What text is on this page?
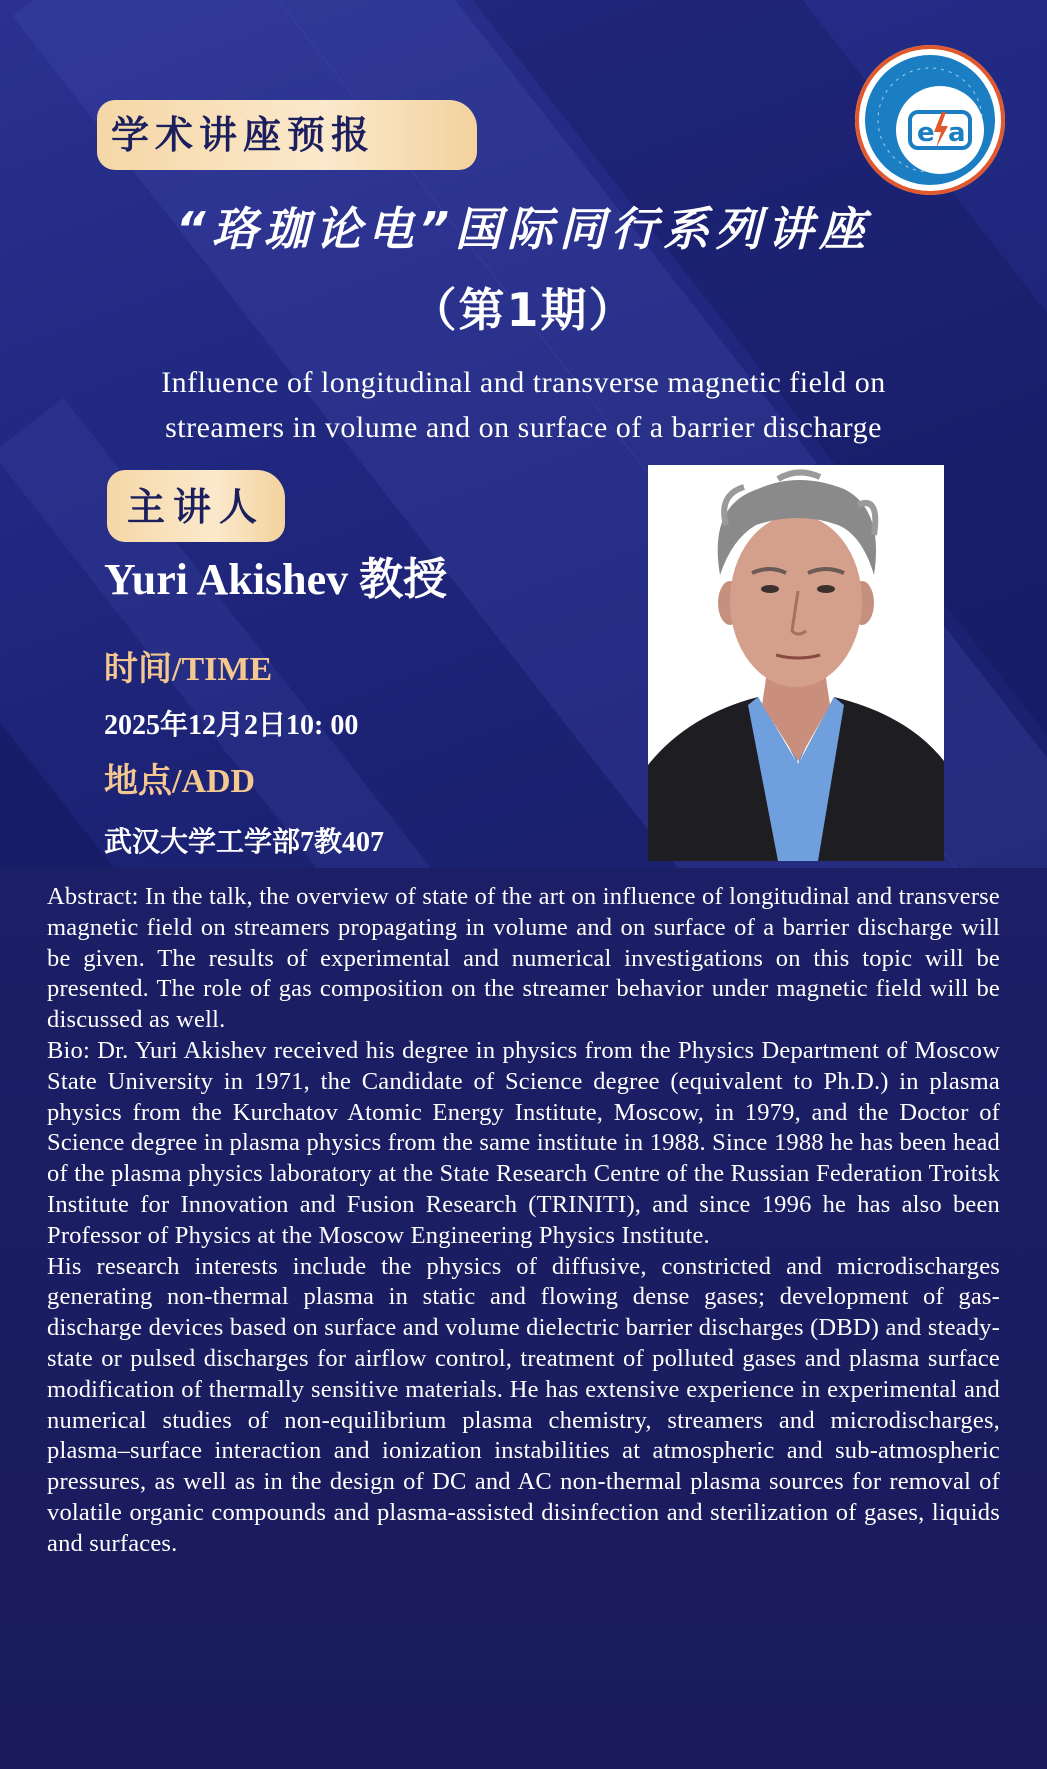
e a
学术讲座预报
“珞珈论电”国际同行系列讲座
（第1期）
Influence of longitudinal and transverse magnetic field on
streamers in volume and on surface of a barrier discharge
主讲人
Yuri Akishev 教授
时间/TIME
2025年12月2日10: 00
地点/ADD
武汉大学工学部7教407

Abstract: In the talk, the overview of state of the art on influence of longitudinal and transverse magnetic field on streamers propagating in volume and on surface of a barrier discharge will be given. The results of experimental and numerical investigations on this topic will be presented. The role of gas composition on the streamer behavior under magnetic field will be discussed as well.

Bio: Dr. Yuri Akishev received his degree in physics from the Physics Department of Moscow State University in 1971, the Candidate of Science degree (equivalent to Ph.D.) in plasma physics from the Kurchatov Atomic Energy Institute, Moscow, in 1979, and the Doctor of Science degree in plasma physics from the same institute in 1988. Since 1988 he has been head of the plasma physics laboratory at the State Research Centre of the Russian Federation Troitsk Institute for Innovation and Fusion Research (TRINITI), and since 1996 he has also been Professor of Physics at the Moscow Engineering Physics Institute.

His research interests include the physics of diffusive, constricted and microdischarges generating non-thermal plasma in static and flowing dense gases; development of gas-discharge devices based on surface and volume dielectric barrier discharges (DBD) and steady-state or pulsed discharges for airflow control, treatment of polluted gases and plasma surface modification of thermally sensitive materials. He has extensive experience in experimental and numerical studies of non-equilibrium plasma chemistry, streamers and microdischarges, plasma–surface interaction and ionization instabilities at atmospheric and sub-atmospheric pressures, as well as in the design of DC and AC non-thermal plasma sources for removal of volatile organic compounds and plasma-assisted disinfection and sterilization of gases, liquids and surfaces.
